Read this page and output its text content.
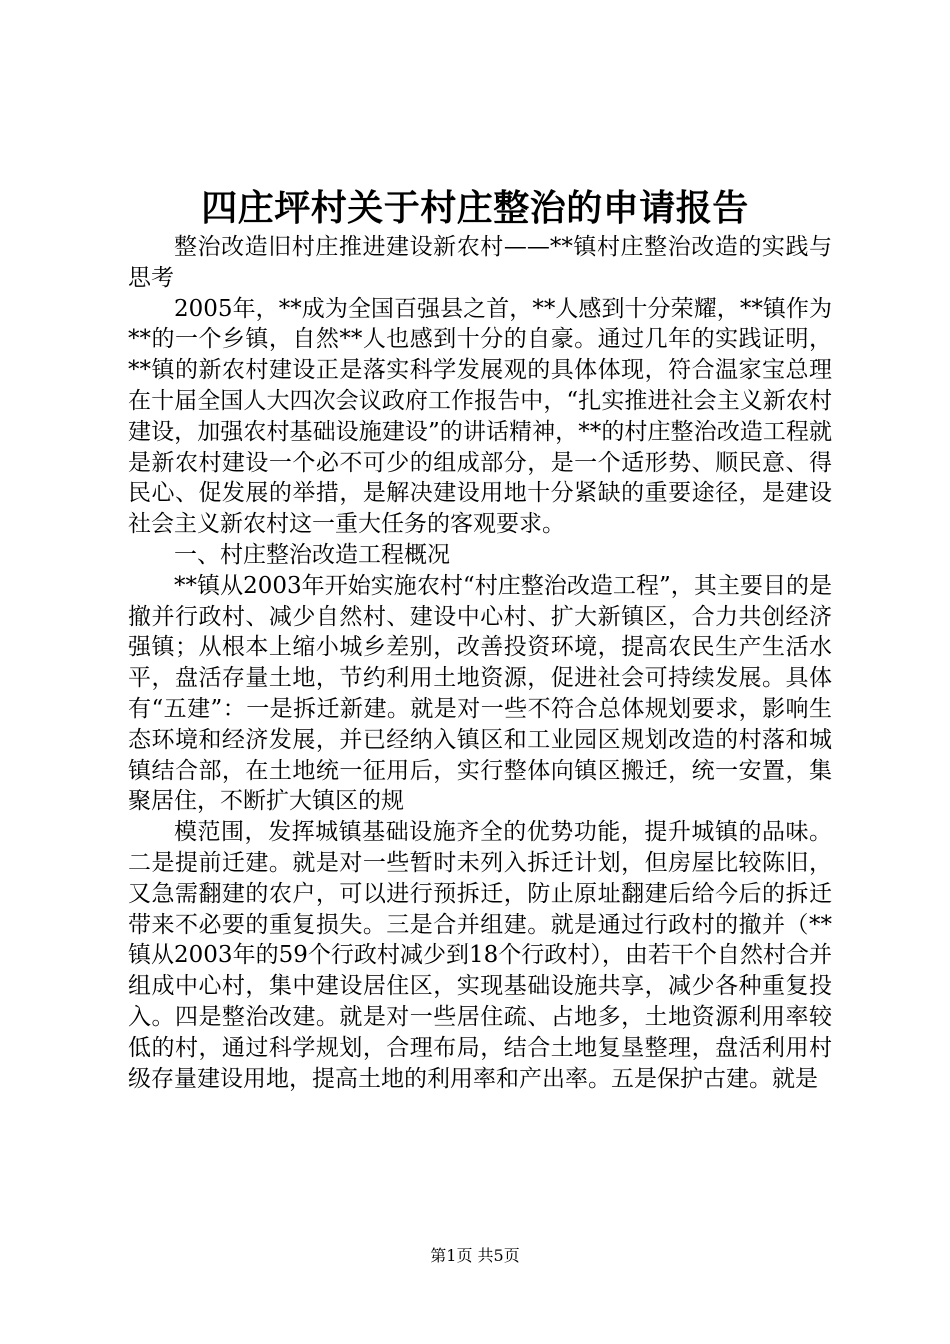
四庄坪村关于村庄整治的申请报告

整治改造旧村庄推进建设新农村——**镇村庄整治改造的实践与思考

2005年，**成为全国百强县之首，**人感到十分荣耀，**镇作为**的一个乡镇，自然**人也感到十分的自豪。通过几年的实践证明，**镇的新农村建设正是落实科学发展观的具体体现，符合温家宝总理在十届全国人大四次会议政府工作报告中，“扎实推进社会主义新农村建设，加强农村基础设施建设”的讲话精神，**的村庄整治改造工程就是新农村建设一个必不可少的组成部分，是一个适形势、顺民意、得民心、促发展的举措，是解决建设用地十分紧缺的重要途径，是建设社会主义新农村这一重大任务的客观要求。

一、村庄整治改造工程概况

**镇从2003年开始实施农村“村庄整治改造工程”，其主要目的是撤并行政村、减少自然村、建设中心村、扩大新镇区，合力共创经济强镇；从根本上缩小城乡差别，改善投资环境，提高农民生产生活水平，盘活存量土地，节约利用土地资源，促进社会可持续发展。具体有“五建”：一是拆迁新建。就是对一些不符合总体规划要求，影响生态环境和经济发展，并已经纳入镇区和工业园区规划改造的村落和城镇结合部，在土地统一征用后，实行整体向镇区搬迁，统一安置，集聚居住，不断扩大镇区的规

模范围，发挥城镇基础设施齐全的优势功能，提升城镇的品味。二是提前迁建。就是对一些暂时未列入拆迁计划，但房屋比较陈旧，又急需翻建的农户，可以进行预拆迁，防止原址翻建后给今后的拆迁带来不必要的重复损失。三是合并组建。就是通过行政村的撤并（**镇从2003年的59个行政村减少到18个行政村），由若干个自然村合并组成中心村，集中建设居住区，实现基础设施共享，减少各种重复投入。四是整治改建。就是对一些居住疏、占地多，土地资源利用率较低的村，通过科学规划，合理布局，结合土地复垦整理，盘活利用村级存量建设用地，提高土地的利用率和产出率。五是保护古建。就是

第1页 共5页
